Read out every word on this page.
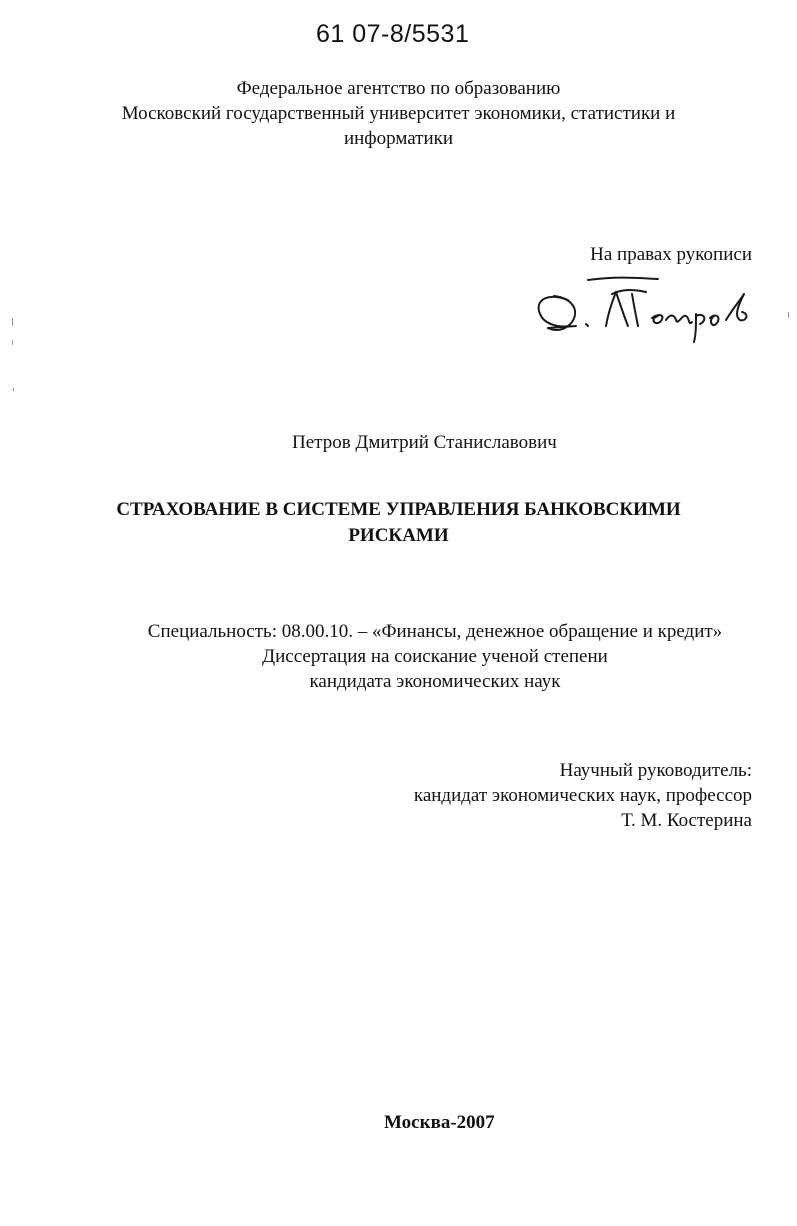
61 07-8/5531
Федеральное агентство по образованию
Московский государственный университет экономики, статистики и
информатики
На правах рукописи
Петров Дмитрий Станиславович
СТРАХОВАНИЕ В СИСТЕМЕ УПРАВЛЕНИЯ БАНКОВСКИМИ
РИСКАМИ
Специальность: 08.00.10. – «Финансы, денежное обращение и кредит»
Диссертация на соискание ученой степени
кандидата экономических наук
Научный руководитель:
кандидат экономических наук, профессор
Т. М. Костерина
Москва-2007
